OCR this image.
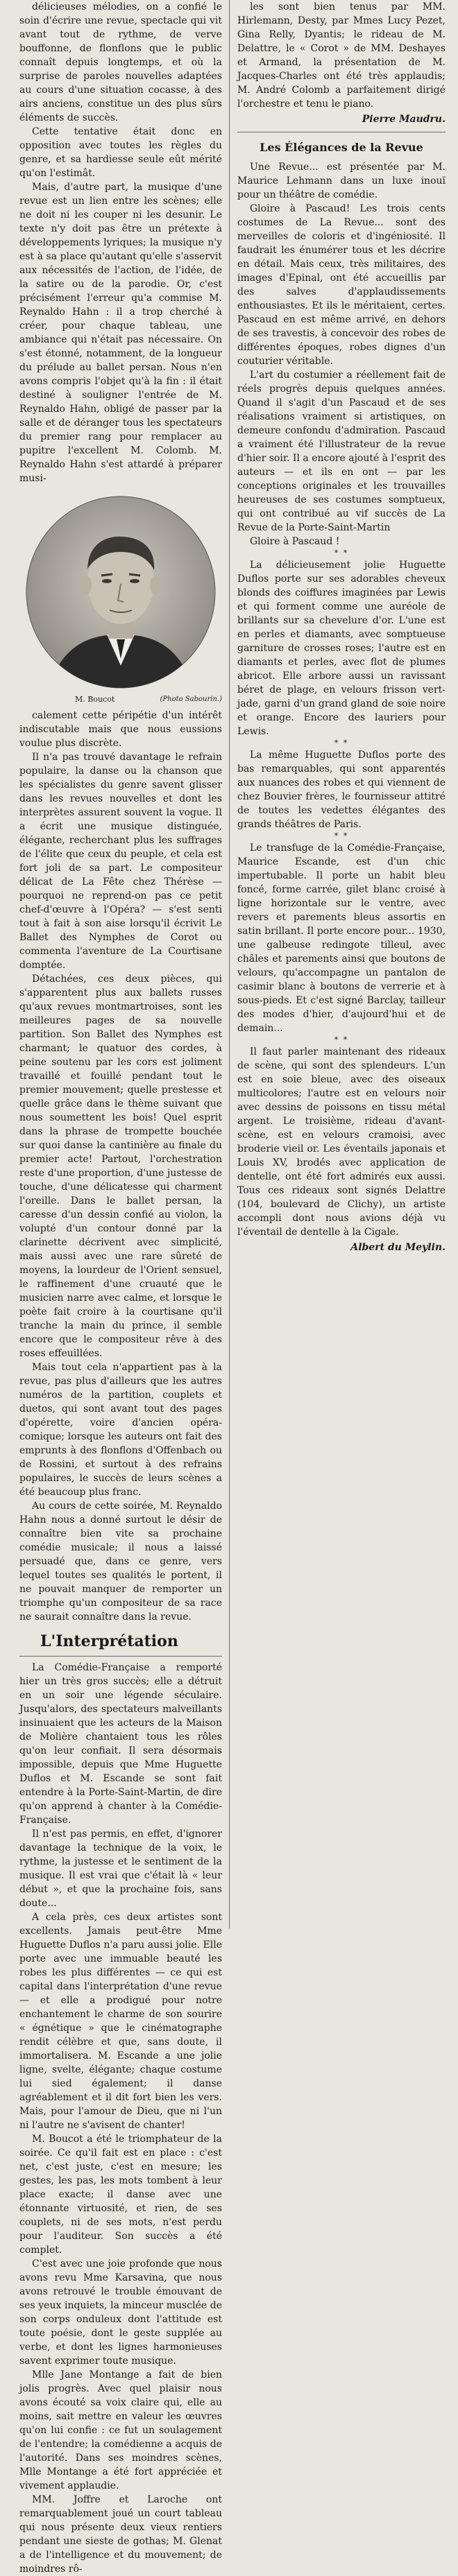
délicieuses mélodies, on a confié le soin d'écrire une revue, spectacle qui vit avant tout de rythme, de verve bouffonne, de flonflons que le public connaît depuis longtemps, et où la surprise de paroles nouvelles adaptées au cours d'une situation cocasse, à des airs anciens, constitue un des plus sûrs éléments de succès.

Cette tentative était donc en opposition avec toutes les règles du genre, et sa hardiesse seule eût mérité qu'on l'estimât.

Mais, d'autre part, la musique d'une revue est un lien entre les scènes; elle ne doit ni les couper ni les desunir. Le texte n'y doit pas être un prétexte à développements lyriques; la musique n'y est à sa place qu'autant qu'elle s'asservit aux nécessités de l'action, de l'idée, de la satire ou de la parodie. Or, c'est précisément l'erreur qu'a commise M. Reynaldo Hahn : il a trop cherché à créer, pour chaque tableau, une ambiance qui n'était pas nécessaire. On s'est étonné, notamment, de la longueur du prélude au ballet persan. Nous n'en avons compris l'objet qu'à la fin : il était destiné à souligner l'entrée de M. Reynaldo Hahn, obligé de passer par la salle et de déranger tous les spectateurs du premier rang pour remplacer au pupitre l'excellent M. Colomb. M. Reynaldo Hahn s'est attardé à préparer musi-

M. Boucot	(Photo Sabourin.)

calement cette péripétie d'un intérêt indiscutable mais que nous eussions voulue plus discrète.

Il n'a pas trouvé davantage le refrain populaire, la danse ou la chanson que les spécialistes du genre savent glisser dans les revues nouvelles et dont les interprètes assurent souvent la vogue. Il a écrit une musique distinguée, élégante, recherchant plus les suffrages de l'élite que ceux du peuple, et cela est fort joli de sa part. Le compositeur délicat de La Fête chez Thérèse — pourquoi ne reprend-on pas ce petit chef-d'œuvre à l'Opéra? — s'est senti tout à fait à son aise lorsqu'il écrivit Le Ballet des Nymphes de Corot ou commenta l'aventure de La Courtisane domptée.

Détachées, ces deux pièces, qui s'apparentent plus aux ballets russes qu'aux revues montmartroises, sont les meilleures pages de sa nouvelle partition. Son Ballet des Nymphes est charmant; le quatuor des cordes, à peine soutenu par les cors est joliment travaillé et fouillé pendant tout le premier mouvement; quelle prestesse et quelle grâce dans le thème suivant que nous soumettent les bois! Quel esprit dans la phrase de trompette bouchée sur quoi danse la cantinière au finale du premier acte! Partout, l'orchestration reste d'une proportion, d'une justesse de touche, d'une délicatesse qui charment l'oreille. Dans le ballet persan, la caresse d'un dessin confié au violon, la volupté d'un contour donné par la clarinette décrivent avec simplicité, mais aussi avec une rare sûreté de moyens, la lourdeur de l'Orient sensuel, le raffinement d'une cruauté que le musicien narre avec calme, et lorsque le poète fait croire à la courtisane qu'il tranche la main du prince, il semble encore que le compositeur rêve à des roses effeuillées.

Mais tout cela n'appartient pas à la revue, pas plus d'ailleurs que les autres numéros de la partition, couplets et duetos, qui sont avant tout des pages d'opérette, voire d'ancien opéra-comique; lorsque les auteurs ont fait des emprunts à des flonflons d'Offenbach ou de Rossini, et surtout à des refrains populaires, le succès de leurs scènes a été beaucoup plus franc.

Au cours de cette soirée, M. Reynaldo Hahn nous a donné surtout le désir de connaître bien vite sa prochaine comédie musicale; il nous a laissé persuadé que, dans ce genre, vers lequel toutes ses qualités le portent, il ne pouvait manquer de remporter un triomphe qu'un compositeur de sa race ne saurait connaître dans la revue.

L'Interprétation

La Comédie-Française a remporté hier un très gros succès; elle a détruit en un soir une légende séculaire. Jusqu'alors, des spectateurs malveillants insinuaient que les acteurs de la Maison de Molière chantaient tous les rôles qu'on leur confiait. Il sera désormais impossible, depuis que Mme Huguette Duflos et M. Escande se sont fait entendre à la Porte-Saint-Martin, de dire qu'on apprend à chanter à la Comédie-Française.

Il n'est pas permis, en effet, d'ignorer davantage la technique de la voix, le rythme, la justesse et le sentiment de la musique. Il est vrai que c'était là « leur début », et que la prochaine fois, sans doute...

A cela près, ces deux artistes sont excellents. Jamais peut-être Mme Huguette Duflos n'a paru aussi jolie. Elle porte avec une immuable beauté les robes les plus différentes — ce qui est capital dans l'interprétation d'une revue — et elle a prodigué pour notre enchantement le charme de son sourire « égnétique » que le cinématographe rendit célèbre et que, sans doute, il immortalisera. M. Escande a une jolie ligne, svelte, élégante; chaque costume lui sied également; il danse agréablement et il dit fort bien les vers. Mais, pour l'amour de Dieu, que ni l'un ni l'autre ne s'avisent de chanter!

M. Boucot a été le triomphateur de la soirée. Ce qu'il fait est en place : c'est net, c'est juste, c'est en mesure; les gestes, les pas, les mots tombent à leur place exacte; il danse avec une étonnante virtuosité, et rien, de ses couplets, ni de ses mots, n'est perdu pour l'auditeur. Son succès a été complet.

C'est avec une joie profonde que nous avons revu Mme Karsavina, que nous avons retrouvé le trouble émouvant de ses yeux inquiets, la minceur musclée de son corps onduleux dont l'attitude est toute poésie, dont le geste supplée au verbe, et dont les lignes harmonieuses savent exprimer toute musique.

Mlle Jane Montange a fait de bien jolis progrès. Avec quel plaisir nous avons écouté sa voix claire qui, elle au moins, sait mettre en valeur les œuvres qu'on lui confie : ce fut un soulagement de l'entendre; la comédienne a acquis de l'autorité. Dans ses moindres scènes, Mlle Montange a été fort appréciée et vivement applaudie.

MM. Joffre et Laroche ont remarquablement joué un court tableau qui nous présente deux vieux rentiers pendant une sieste de gothas; M. Glenat a de l'intelligence et du mouvement; de moindres rô-

les sont bien tenus par MM. Hirlemann, Desty, par Mmes Lucy Pezet, Gina Relly, Dyantis; le rideau de M. Delattre, le « Corot » de MM. Deshayes et Armand, la présentation de M. Jacques-Charles ont été très applaudis; M. André Colomb a parfaitement dirigé l'orchestre et tenu le piano.

Pierre Maudru.

Les Élégances de la Revue

Une Revue... est présentée par M. Maurice Lehmann dans un luxe inouï pour un théâtre de comédie.

Gloire à Pascaud! Les trois cents costumes de La Revue... sont des merveilles de coloris et d'ingéniosité. Il faudrait les énumérer tous et les décrire en détail. Mais ceux, très militaires, des images d'Epinal, ont été accueillis par des salves d'applaudissements enthousiastes. Et ils le méritaient, certes. Pascaud en est même arrivé, en dehors de ses travestis, à concevoir des robes de différentes époques, robes dignes d'un couturier véritable.

L'art du costumier a réellement fait de réels progrès depuis quelques années. Quand il s'agit d'un Pascaud et de ses réalisations vraiment si artistiques, on demeure confondu d'admiration. Pascaud a vraiment été l'illustrateur de la revue d'hier soir. Il a encore ajouté à l'esprit des auteurs — et ils en ont — par les conceptions originales et les trouvailles heureuses de ses costumes somptueux, qui ont contribué au vif succès de La Revue de la Porte-Saint-Martin

Gloire à Pascaud !

* *

La délicieusement jolie Huguette Duflos porte sur ses adorables cheveux blonds des coiffures imaginées par Lewis et qui forment comme une auréole de brillants sur sa chevelure d'or. L'une est en perles et diamants, avec somptueuse garniture de crosses roses; l'autre est en diamants et perles, avec flot de plumes abricot. Elle arbore aussi un ravissant béret de plage, en velours frisson vert-jade, garni d'un grand gland de soie noire et orange. Encore des lauriers pour Lewis.

* *

La même Huguette Duflos porte des bas remarquables, qui sont apparentés aux nuances des robes et qui viennent de chez Bouvier frères, le fournisseur attitré de toutes les vedettes élégantes des grands théâtres de Paris.

* *

Le transfuge de la Comédie-Française, Maurice Escande, est d'un chic impertubable. Il porte un habit bleu foncé, forme carrée, gilet blanc croisé à ligne horizontale sur le ventre, avec revers et parements bleus assortis en satin brillant. Il porte encore pour... 1930, une galbeuse redingote tilleul, avec châles et parements ainsi que boutons de velours, qu'accompagne un pantalon de casimir blanc à boutons de verrerie et à sous-pieds. Et c'est signé Barclay, tailleur des modes d'hier, d'aujourd'hui et de demain...

* *

Il faut parler maintenant des rideaux de scène, qui sont des splendeurs. L'un est en soie bleue, avec des oiseaux multicolores; l'autre est en velours noir avec dessins de poissons en tissu métal argent. Le troisième, rideau d'avant-scène, est en velours cramoisi, avec broderie vieil or. Les éventails japonais et Louis XV, brodés avec application de dentelle, ont été fort admirés eux aussi. Tous ces rideaux sont signés Delattre (104, boulevard de Clichy), un artiste accompli dont nous avions déjà vu l'éventail de dentelle à la Cigale.

Albert du Meylin.
